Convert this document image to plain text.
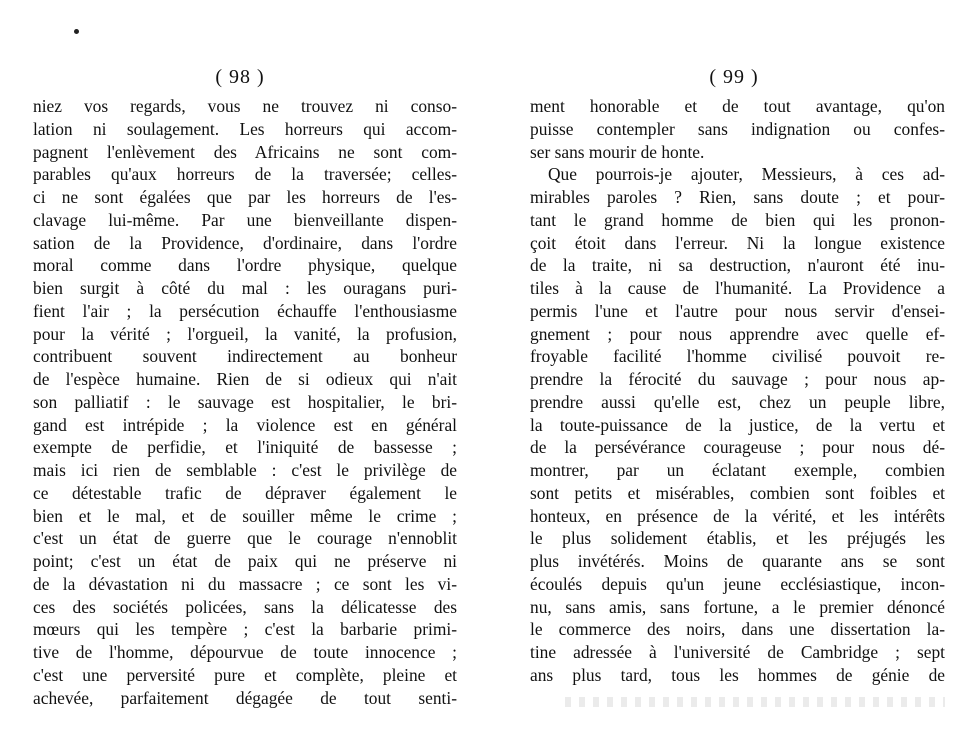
( 98 )	( 99 )
niez vos regards, vous ne trouvez ni conso-
lation ni soulagement. Les horreurs qui accom-
pagnent l'enlèvement des Africains ne sont com-
parables qu'aux horreurs de la traversée; celles-
ci ne sont égalées que par les horreurs de l'es-
clavage lui-même. Par une bienveillante dispen-
sation de la Providence, d'ordinaire, dans l'ordre
moral comme dans l'ordre physique, quelque
bien surgit à côté du mal : les ouragans puri-
fient l'air ; la persécution échauffe l'enthousiasme
pour la vérité ; l'orgueil, la vanité, la profusion,
contribuent souvent indirectement au bonheur
de l'espèce humaine. Rien de si odieux qui n'ait
son palliatif : le sauvage est hospitalier, le bri-
gand est intrépide ; la violence est en général
exempte de perfidie, et l'iniquité de bassesse ;
mais ici rien de semblable : c'est le privilège de
ce détestable trafic de dépraver également le
bien et le mal, et de souiller même le crime ;
c'est un état de guerre que le courage n'ennoblit
point; c'est un état de paix qui ne préserve ni
de la dévastation ni du massacre ; ce sont les vi-
ces des sociétés policées, sans la délicatesse des
mœurs qui les tempère ; c'est la barbarie primi-
tive de l'homme, dépourvue de toute innocence ;
c'est une perversité pure et complète, pleine et
achevée, parfaitement dégagée de tout senti-
ment honorable et de tout avantage, qu'on
puisse contempler sans indignation ou confes-
ser sans mourir de honte.
Que pourrois-je ajouter, Messieurs, à ces ad-
mirables paroles ? Rien, sans doute ; et pour-
tant le grand homme de bien qui les pronon-
çoit étoit dans l'erreur. Ni la longue existence
de la traite, ni sa destruction, n'auront été inu-
tiles à la cause de l'humanité. La Providence a
permis l'une et l'autre pour nous servir d'ensei-
gnement ; pour nous apprendre avec quelle ef-
froyable facilité l'homme civilisé pouvoit re-
prendre la férocité du sauvage ; pour nous ap-
prendre aussi qu'elle est, chez un peuple libre,
la toute-puissance de la justice, de la vertu et
de la persévérance courageuse ; pour nous dé-
montrer, par un éclatant exemple, combien
sont petits et misérables, combien sont foibles et
honteux, en présence de la vérité, et les intérêts
le plus solidement établis, et les préjugés les
plus invétérés. Moins de quarante ans se sont
écoulés depuis qu'un jeune ecclésiastique, incon-
nu, sans amis, sans fortune, a le premier dénoncé
le commerce des noirs, dans une dissertation la-
tine adressée à l'université de Cambridge ; sept
ans plus tard, tous les hommes de génie de
